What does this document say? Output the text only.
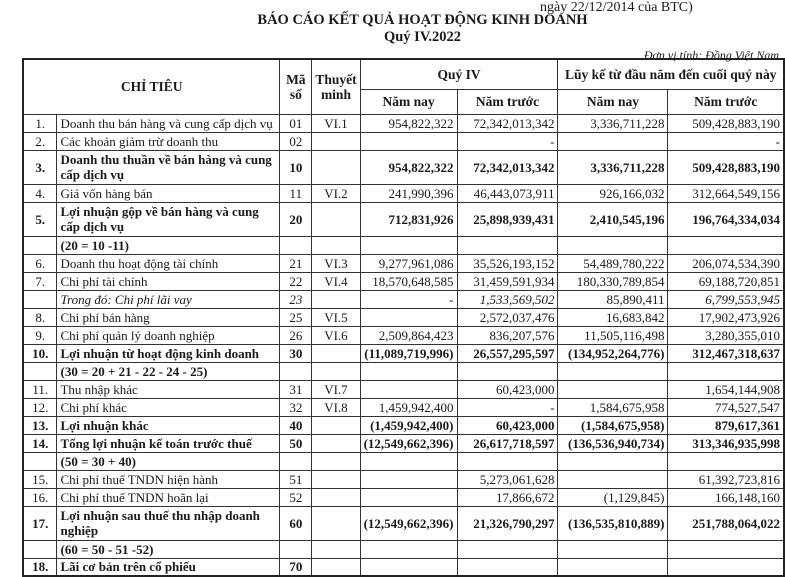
ngày 22/12/2014 của BTC)
BÁO CÁO KẾT QUẢ HOẠT ĐỘNG KINH DOANH
Quý IV.2022
Đơn vị tính: Đồng Việt Nam
CHỈ TIÊU		Mã số	Thuyết minh	Quý IV		Lũy kế từ đầu năm đến cuối quý này	
				Năm nay	Năm trước	Năm nay	Năm trước
1.	Doanh thu bán hàng và cung cấp dịch vụ	01	VI.1	954,822,322	72,342,013,342	3,336,711,228	509,428,883,190
2.	Các khoản giảm trừ doanh thu	02			-		-
3.	Doanh thu thuần về bán hàng và cung cấp dịch vụ	10		954,822,322	72,342,013,342	3,336,711,228	509,428,883,190
4.	Giá vốn hàng bán	11	VI.2	241,990,396	46,443,073,911	926,166,032	312,664,549,156
5.	Lợi nhuận gộp về bán hàng và cung cấp dịch vụ	20		712,831,926	25,898,939,431	2,410,545,196	196,764,334,034
	(20 = 10 -11)						
6.	Doanh thu hoạt động tài chính	21	VI.3	9,277,961,086	35,526,193,152	54,489,780,222	206,074,534,390
7.	Chi phí tài chính	22	VI.4	18,570,648,585	31,459,591,934	180,330,789,854	69,188,720,851
	Trong đó: Chi phí lãi vay	23		-	1,533,569,502	85,890,411	6,799,553,945
8.	Chi phí bán hàng	25	VI.5		2,572,037,476	16,683,842	17,902,473,926
9.	Chi phí quản lý doanh nghiệp	26	VI.6	2,509,864,423	836,207,576	11,505,116,498	3,280,355,010
10.	Lợi nhuận từ hoạt động kinh doanh	30		(11,089,719,996)	26,557,295,597	(134,952,264,776)	312,467,318,637
	(30 = 20 + 21 - 22 - 24 - 25)						
11.	Thu nhập khác	31	VI.7		60,423,000		1,654,144,908
12.	Chi phí khác	32	VI.8	1,459,942,400	-	1,584,675,958	774,527,547
13.	Lợi nhuận khác	40		(1,459,942,400)	60,423,000	(1,584,675,958)	879,617,361
14.	Tổng lợi nhuận kế toán trước thuế	50		(12,549,662,396)	26,617,718,597	(136,536,940,734)	313,346,935,998
	(50 = 30 + 40)						
15.	Chi phí thuế TNDN hiện hành	51			5,273,061,628		61,392,723,816
16.	Chi phí thuế TNDN hoãn lại	52			17,866,672	(1,129,845)	166,148,160
17.	Lợi nhuận sau thuế thu nhập doanh nghiệp	60		(12,549,662,396)	21,326,790,297	(136,535,810,889)	251,788,064,022
	(60 = 50 - 51 -52)						
18.	Lãi cơ bản trên cổ phiếu	70					
